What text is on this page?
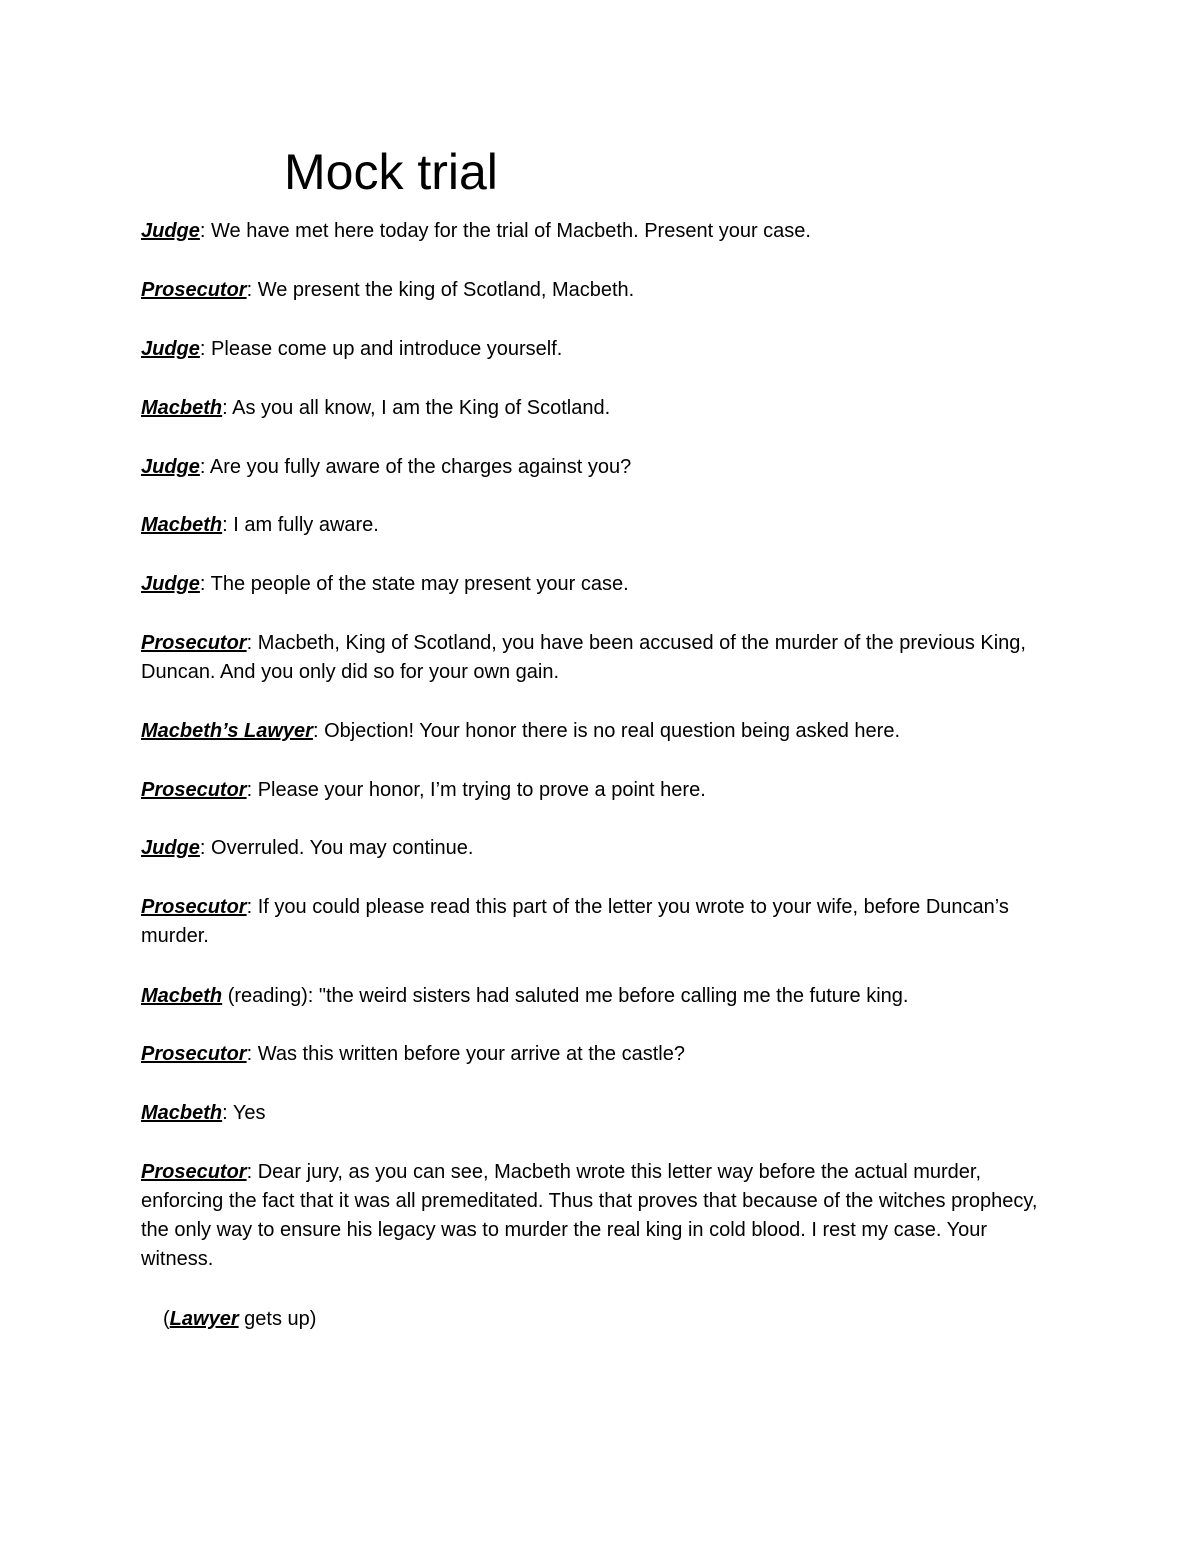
Mock trial

Judge: We have met here today for the trial of Macbeth. Present your case.

Prosecutor: We present the king of Scotland, Macbeth.

Judge: Please come up and introduce yourself.

Macbeth: As you all know, I am the King of Scotland.

Judge: Are you fully aware of the charges against you?

Macbeth: I am fully aware.

Judge: The people of the state may present your case.

Prosecutor: Macbeth, King of Scotland, you have been accused of the murder of the previous King, Duncan. And you only did so for your own gain.

Macbeth’s Lawyer: Objection! Your honor there is no real question being asked here.

Prosecutor: Please your honor, I’m trying to prove a point here.

Judge: Overruled. You may continue.

Prosecutor: If you could please read this part of the letter you wrote to your wife, before Duncan’s murder.

Macbeth (reading): "the weird sisters had saluted me before calling me the future king.

Prosecutor: Was this written before your arrive at the castle?

Macbeth: Yes

Prosecutor: Dear jury, as you can see, Macbeth wrote this letter way before the actual murder, enforcing the fact that it was all premeditated. Thus that proves that because of the witches prophecy, the only way to ensure his legacy was to murder the real king in cold blood. I rest my case. Your witness.

(Lawyer gets up)
